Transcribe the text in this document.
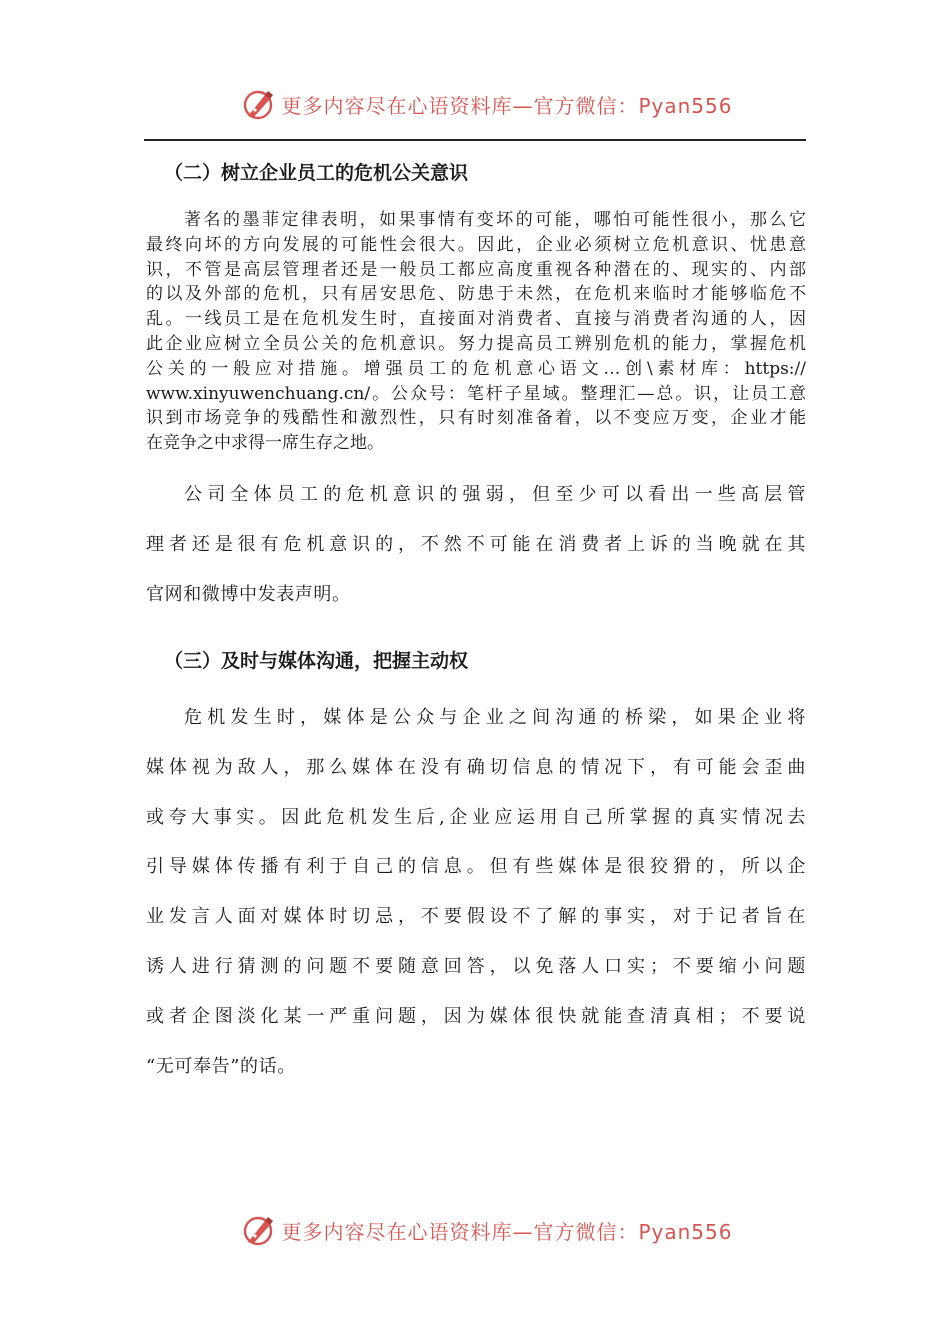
更多内容尽在心语资料库—官方微信：Pyan556
（二）树立企业员工的危机公关意识
著名的墨菲定律表明，如果事情有变坏的可能，哪怕可能性很小，那么它
最终向坏的方向发展的可能性会很大。因此，企业必须树立危机意识、忧患意
识，不管是高层管理者还是一般员工都应高度重视各种潜在的、现实的、内部
的以及外部的危机，只有居安思危、防患于未然，在危机来临时才能够临危不
乱。一线员工是在危机发生时，直接面对消费者、直接与消费者沟通的人，因
此企业应树立全员公关的危机意识。努力提高员工辨别危机的能力，掌握危机
公关的一般应对措施。增强员工的危机意心语文…创\素材库：https://
www.xinyuwenchuang.cn/。公众号：笔杆子星域。整理汇—总。识，让员工意
识到市场竞争的残酷性和激烈性，只有时刻准备着，以不变应万变，企业才能
在竞争之中求得一席生存之地。
公司全体员工的危机意识的强弱，但至少可以看出一些高层管
理者还是很有危机意识的，不然不可能在消费者上诉的当晚就在其
官网和微博中发表声明。
（三）及时与媒体沟通，把握主动权
危机发生时，媒体是公众与企业之间沟通的桥梁，如果企业将
媒体视为敌人，那么媒体在没有确切信息的情况下，有可能会歪曲
或夸大事实。因此危机发生后,企业应运用自己所掌握的真实情况去
引导媒体传播有利于自己的信息。但有些媒体是很狡猾的，所以企
业发言人面对媒体时切忌，不要假设不了解的事实，对于记者旨在
诱人进行猜测的问题不要随意回答，以免落人口实；不要缩小问题
或者企图淡化某一严重问题，因为媒体很快就能查清真相；不要说
“无可奉告”的话。
更多内容尽在心语资料库—官方微信：Pyan556
